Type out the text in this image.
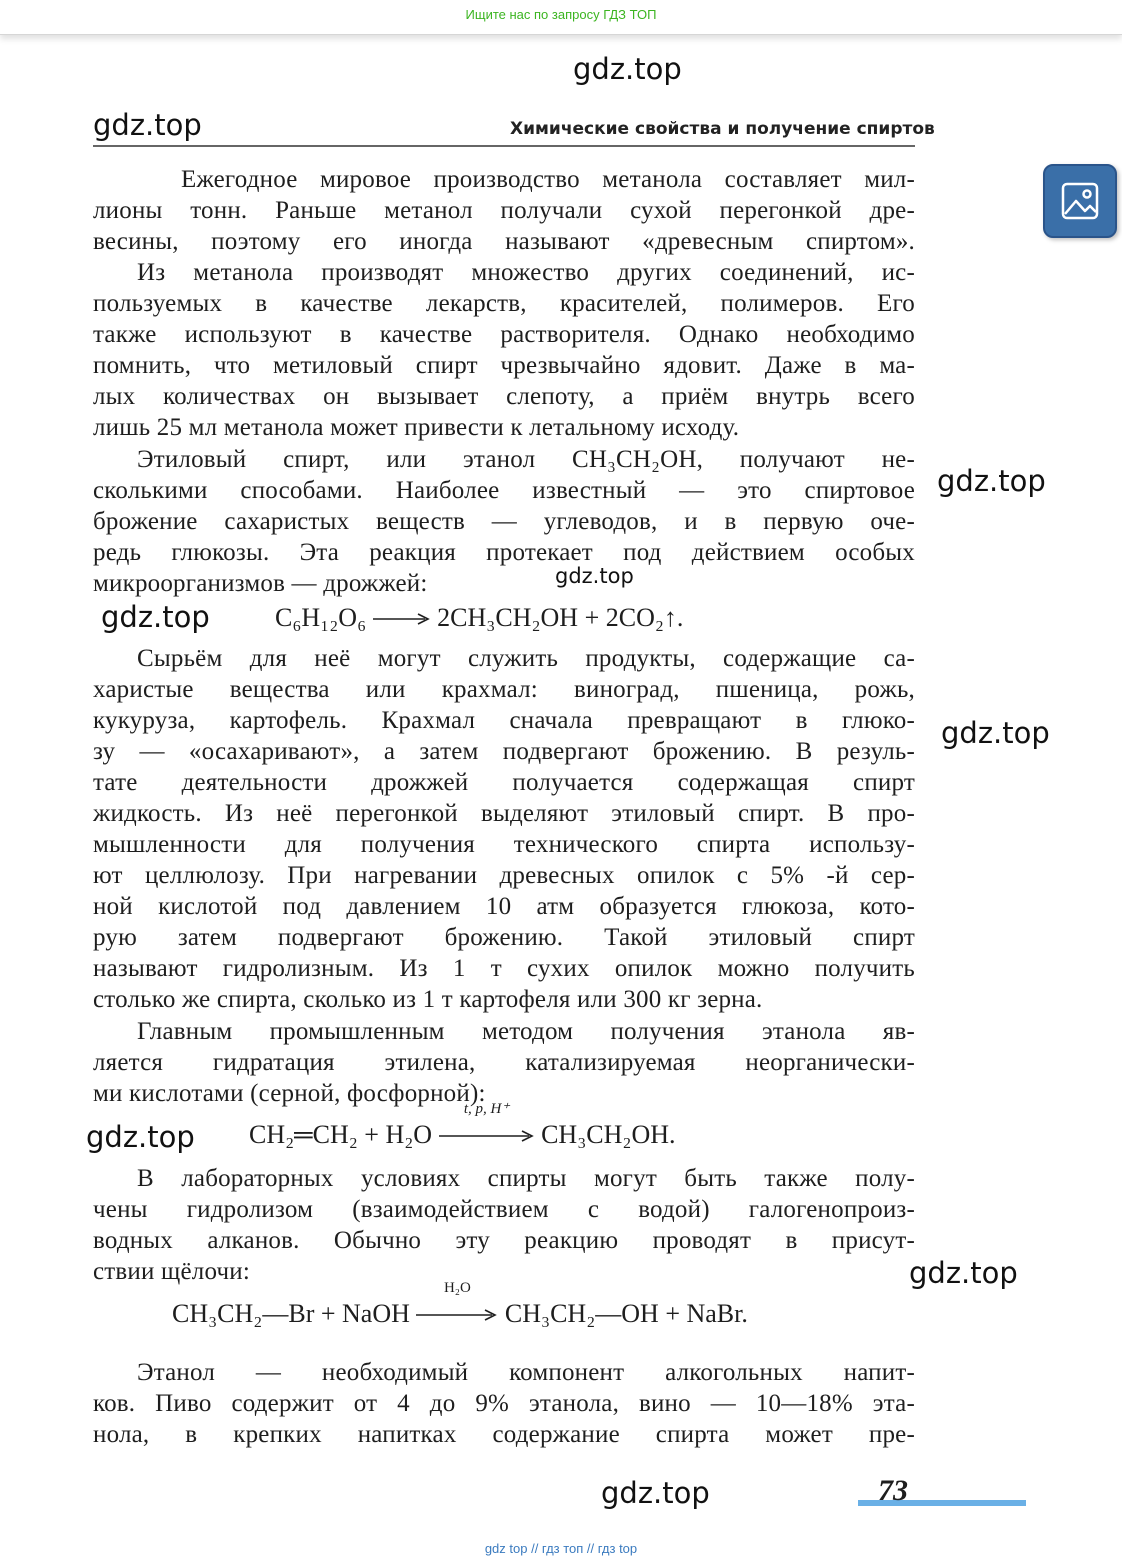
Ищите нас по запросу ГДЗ ТОП
gdz.top
gdz.top
gdz.top
gdz.top
gdz.top
gdz.top
gdz.top
gdz.top
gdz.top
Химические свойства и получение спиртов
Ежегодное мировое производство метанола составляет мил-
лионы тонн. Раньше метанол получали сухой перегонкой дре-
весины, поэтому его иногда называют «древесным спиртом».
Из метанола производят множество других соединений, ис-
пользуемых в качестве лекарств, красителей, полимеров. Его
также используют в качестве растворителя. Однако необходимо
помнить, что метиловый спирт чрезвычайно ядовит. Даже в ма-
лых количествах он вызывает слепоту, а приём внутрь всего
лишь 25 мл метанола может привести к летальному исходу.
Этиловый спирт, или этанол CH₃CH₂OH, получают не-
сколькими способами. Наиболее известный — это спиртовое
брожение сахаристых веществ — углеводов, и в первую оче-
редь глюкозы. Эта реакция протекает под действием особых
микроорганизмов — дрожжей:
C₆H₁₂O₆ → 2CH₃CH₂OH + 2CO₂↑.
Сырьём для неё могут служить продукты, содержащие са-
харистые вещества или крахмал: виноград, пшеница, рожь,
кукуруза, картофель. Крахмал сначала превращают в глюко-
зу — «осахаривают», а затем подвергают брожению. В резуль-
тате деятельности дрожжей получается содержащая спирт
жидкость. Из неё перегонкой выделяют этиловый спирт. В про-
мышленности для получения технического спирта использу-
ют целлюлозу. При нагревании древесных опилок с 5% -й сер-
ной кислотой под давлением 10 атм образуется глюкоза, кото-
рую затем подвергают брожению. Такой этиловый спирт
называют гидролизным. Из 1 т сухих опилок можно получить
столько же спирта, сколько из 1 т картофеля или 300 кг зерна.
Главным промышленным методом получения этанола яв-
ляется гидратация этилена, катализируемая неорганически-
ми кислотами (серной, фосфорной):
CH₂═CH₂ + H₂O
t, p, H⁺
CH₃CH₂OH.
В лабораторных условиях спирты могут быть также полу-
чены гидролизом (взаимодействием с водой) галогенопроиз-
водных алканов. Обычно эту реакцию проводят в присут-
ствии щёлочи:
CH₃CH₂—Br + NaOH
H₂O
CH₃CH₂—OH + NaBr.
Этанол — необходимый компонент алкогольных напит-
ков. Пиво содержит от 4 до 9% этанола, вино — 10—18% эта-
нола, в крепких напитках содержание спирта может пре-
73
gdz top // гдз топ // гдз top
